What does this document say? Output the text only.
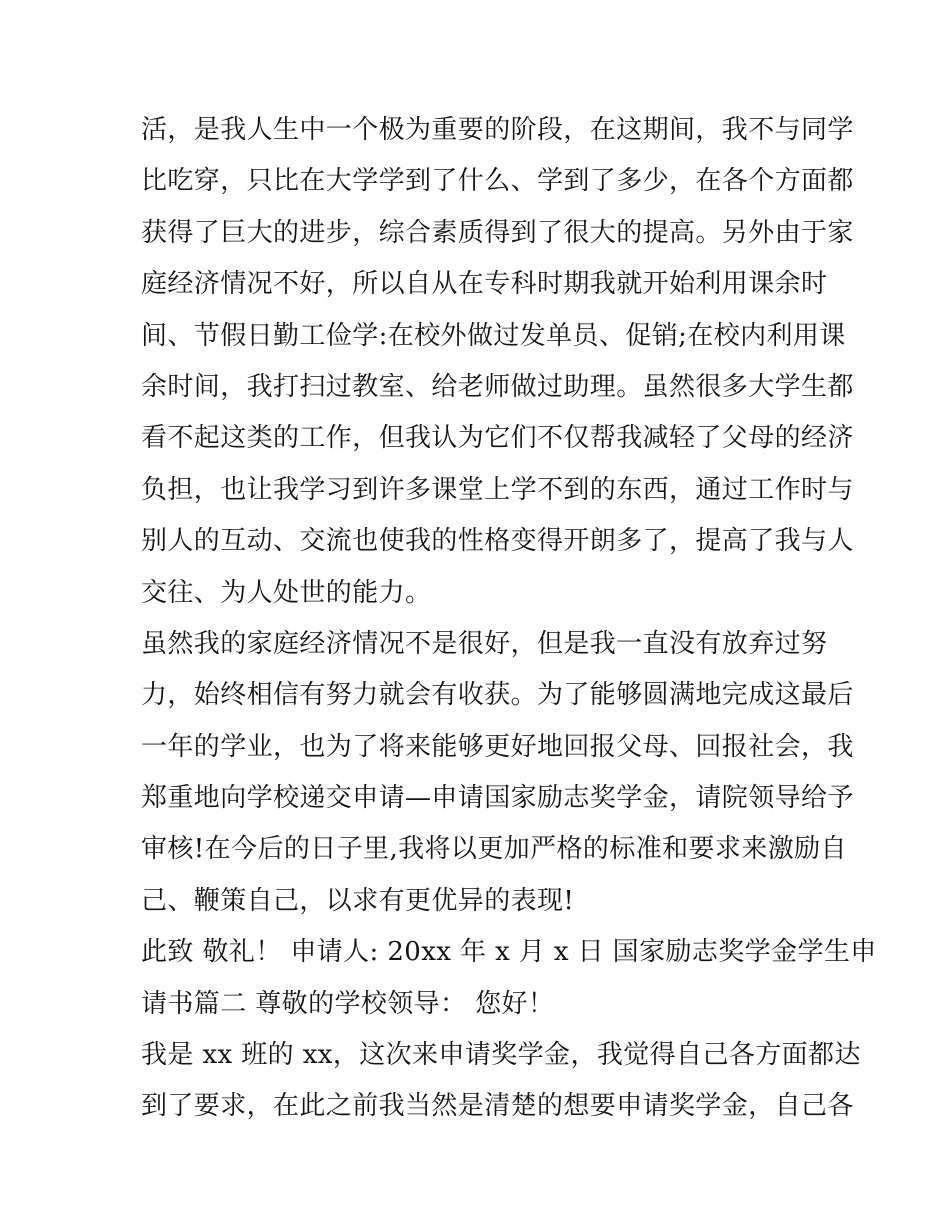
活，是我人生中一个极为重要的阶段，在这期间，我不与同学
比吃穿，只比在大学学到了什么、学到了多少，在各个方面都
获得了巨大的进步，综合素质得到了很大的提高。另外由于家
庭经济情况不好，所以自从在专科时期我就开始利用课余时
间、节假日勤工俭学:在校外做过发单员、促销;在校内利用课
余时间，我打扫过教室、给老师做过助理。虽然很多大学生都
看不起这类的工作，但我认为它们不仅帮我减轻了父母的经济
负担，也让我学习到许多课堂上学不到的东西，通过工作时与
别人的互动、交流也使我的性格变得开朗多了，提高了我与人
交往、为人处世的能力。
虽然我的家庭经济情况不是很好，但是我一直没有放弃过努
力，始终相信有努力就会有收获。为了能够圆满地完成这最后
一年的学业，也为了将来能够更好地回报父母、回报社会，我
郑重地向学校递交申请—申请国家励志奖学金，请院领导给予
审核!在今后的日子里,我将以更加严格的标准和要求来激励自
己、鞭策自己，以求有更优异的表现!
此致 敬礼！ 申请人: 20xx 年 x 月 x 日 国家励志奖学金学生申
请书篇二 尊敬的学校领导： 您好！
我是 xx 班的 xx，这次来申请奖学金，我觉得自己各方面都达
到了要求，在此之前我当然是清楚的想要申请奖学金，自己各
